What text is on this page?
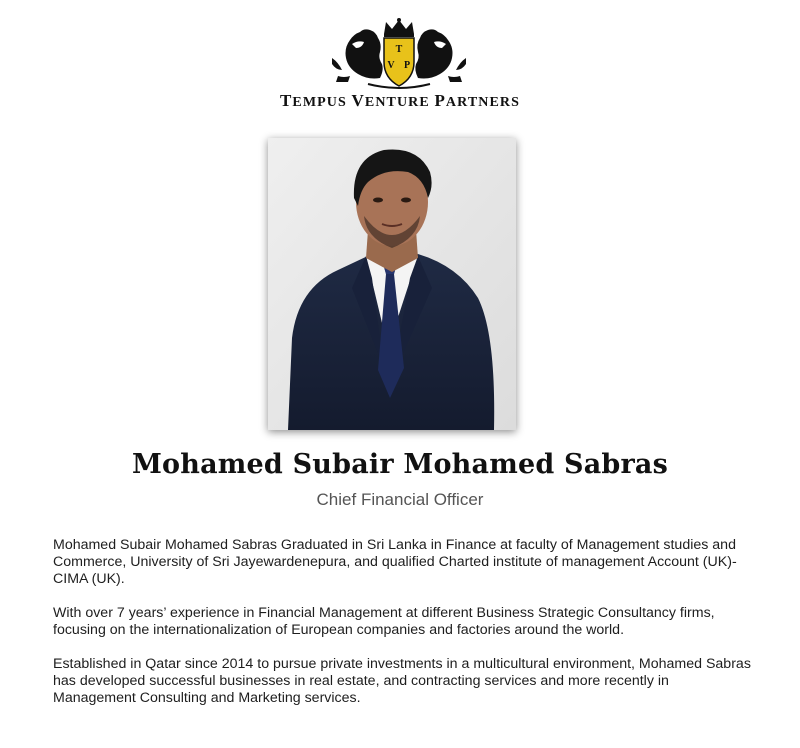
T
V P
TEMPUS VENTURE PARTNERS
Mohamed Subair Mohamed Sabras
Chief Financial Officer

Mohamed Subair Mohamed Sabras Graduated in Sri Lanka in Finance at faculty of Management studies and Commerce, University of Sri Jayewardenepura, and qualified Charted institute of management Account (UK)-CIMA (UK).

With over 7 years’ experience in Financial Management at different Business Strategic Consultancy firms, focusing on the internationalization of European companies and factories around the world.

Established in Qatar since 2014 to pursue private investments in a multicultural environment, Mohamed Sabras has developed successful businesses in real estate, and contracting services and more recently in Management Consulting and Marketing services.
